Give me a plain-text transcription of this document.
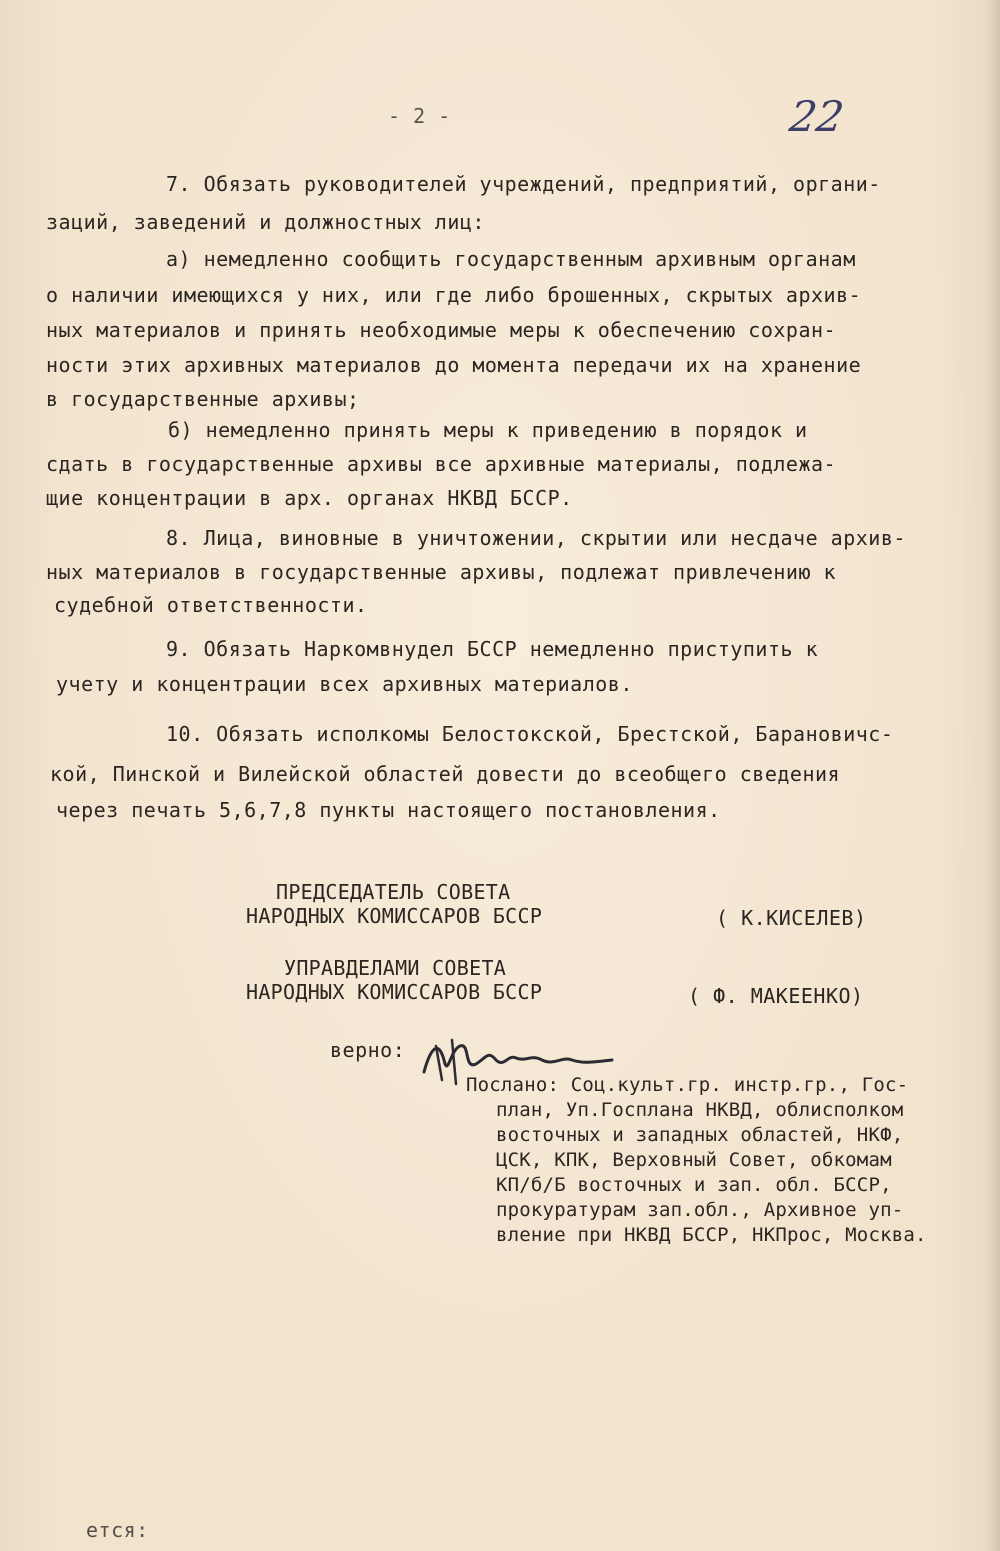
- 2 -	22
7. Обязать руководителей учреждений, предприятий, органи-
заций, заведений и должностных лиц:
а) немедленно сообщить государственным архивным органам
о наличии имеющихся у них, или где либо брошенных, скрытых архив-
ных материалов и принять необходимые меры к обеспечению сохран-
ности этих архивных материалов до момента передачи их на хранение
в государственные архивы;
б) немедленно принять меры к приведению в порядок и
сдать в государственные архивы все архивные материалы, подлежа-
щие концентрации в арх. органах НКВД БССР.
8. Лица, виновные в уничтожении, скрытии или несдаче архив-
ных материалов в государственные архивы, подлежат привлечению к
судебной ответственности.
9. Обязать Наркомвнудел БССР немедленно приступить к
учету и концентрации всех архивных материалов.
10. Обязать исполкомы Белостокской, Брестской, Барановичс-
кой, Пинской и Вилейской областей довести до всеобщего сведения
через печать 5,6,7,8 пункты настоящего постановления.
ПРЕДСЕДАТЕЛЬ СОВЕТА
НАРОДНЫХ КОМИССАРОВ БССР	( К.КИСЕЛЕВ)
УПРАВДЕЛАМИ СОВЕТА
НАРОДНЫХ КОМИССАРОВ БССР	( Ф. МАКЕЕНКО)
верно:
Послано: Соц.культ.гр. инстр.гр., Гос-
план, Уп.Госплана НКВД, облисполком
восточных и западных областей, НКФ,
ЦСК, КПК, Верховный Совет, обкомам
КП/б/Б восточных и зап. обл. БССР,
прокуратурам зап.обл., Архивное уп-
вление при НКВД БССР, НКПрос, Москва.
ется:
